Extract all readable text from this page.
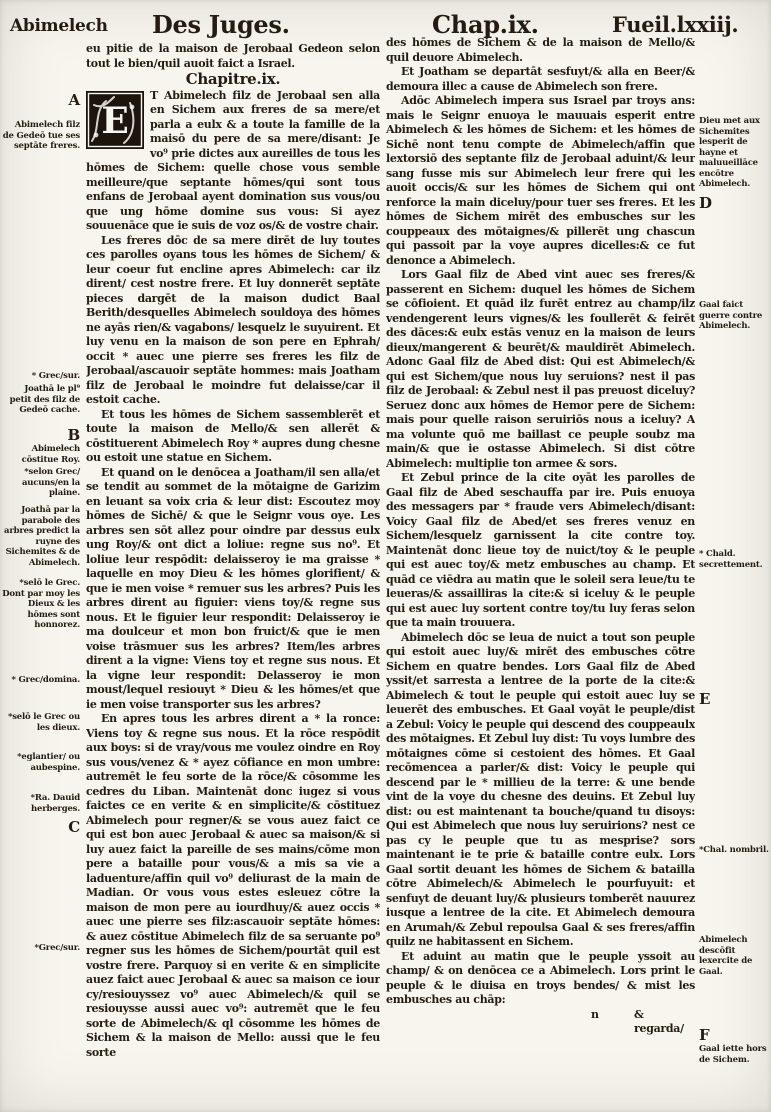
Abimelech Des Juges.	Chap.ix.	Fueil.lxxiij.
A
Abimelech filz de Gedeō tue ses septāte freres.
* Grec/sur.
Joathā le pl⁹ petit des filz de Gedeō cache.
B
Abimelech cōstitue Roy.
*selon Grec/ aucuns/en la plaine.
Joathā par la parabole des arbres predict la ruyne des Sichemites & de Abimelech.
*selō le Grec. Dont par moy les Dieux & les hōmes sont honnorez.
* Grec/domina.
*selō le Grec ou les dieux.
*eglantier/ ou aubespine.
*Ra. Dauid herberges.
C
*Grec/sur.
Dieu met aux Sichemites lesperit de hayne et maluueillāce encōtre Abimelech.
D
Gaal faict guerre contre Abimelech.
* Chald. secrettement.
E
*Chal. nombril.
Abimelech descōfit lexercite de Gaal.
F
Gaal iette hors de Sichem.

eu pitie de la maison de Jerobaal Gedeon selon tout le bien/quil auoit faict a Israel.

Chapitre.ix.
E
T Abimelech filz de Jerobaal sen alla en Sichem aux freres de sa mere/et parla a eulx & a toute la famille de la maisō du pere de sa mere/disant: Je vo⁹ prie dictes aux aureilles de tous les hōmes de Sichem: quelle chose vous semble meilleure/que septante hōmes/qui sont tous enfans de Jerobaal ayent domination sus vous/ou que ung hōme domine sus vous: Si ayez souuenāce que ie suis de voz os/& de vostre chair.

Les freres dōc de sa mere dirēt de luy toutes ces parolles oyans tous les hōmes de Sichem/ & leur coeur fut encline apres Abimelech: car ilz dirent/ cest nostre frere. Et luy donnerēt septāte pieces dargēt de la maison dudict Baal Berith/desquelles Abimelech souldoya des hōmes ne ayās rien/& vagabons/ lesquelz le suyuirent. Et luy venu en la maison de son pere en Ephrah/ occit * auec une pierre ses freres les filz de Jerobaal/ascauoir septāte hommes: mais Joatham filz de Jerobaal le moindre fut delaisse/car il estoit cache.

Et tous les hōmes de Sichem sassemblerēt et toute la maison de Mello/& sen allerēt & cōstituerent Abimelech Roy * aupres dung chesne ou estoit une statue en Sichem.

Et quand on le denōcea a Joatham/il sen alla/et se tendit au sommet de la mōtaigne de Garizim en leuant sa voix cria & leur dist: Escoutez moy hōmes de Sichē/ & que le Seignr vous oye. Les arbres sen sōt allez pour oindre par dessus eulx ung Roy/& ont dict a loliue: regne sus no⁹. Et loliue leur respōdit: delaisseroy ie ma graisse * laquelle en moy Dieu & les hōmes glorifient/ & que ie men voise * remuer sus les arbres? Puis les arbres dirent au figuier: viens toy/& regne sus nous. Et le figuier leur respondit: Delaisseroy ie ma doulceur et mon bon fruict/& que ie men voise trāsmuer sus les arbres? Item/les arbres dirent a la vigne: Viens toy et regne sus nous. Et la vigne leur respondit: Delasseroy ie mon moust/lequel resiouyt * Dieu & les hōmes/et que ie men voise transporter sus les arbres?

En apres tous les arbres dirent a * la ronce: Viens toy & regne sus nous. Et la rōce respōdit aux boys: si de vray/vous me voulez oindre en Roy sus vous/venez & * ayez cōfiance en mon umbre: autremēt le feu sorte de la rōce/& cōsomme les cedres du Liban. Maintenāt donc iugez si vous faictes ce en verite & en simplicite/& cōstituez Abimelech pour regner/& se vous auez faict ce qui est bon auec Jerobaal & auec sa maison/& si luy auez faict la pareille de ses mains/cōme mon pere a bataille pour vous/& a mis sa vie a laduenture/affin quil vo⁹ deliurast de la main de Madian. Or vous vous estes esleuez cōtre la maison de mon pere au iourdhuy/& auez occis * auec une pierre ses filz:ascauoir septāte hōmes: & auez cōstitue Abimelech filz de sa seruante po⁹ regner sus les hōmes de Sichem/pourtāt quil est vostre frere. Parquoy si en verite & en simplicite auez faict auec Jerobaal & auec sa maison ce iour cy/resiouyssez vo⁹ auec Abimelech/& quil se resiouysse aussi auec vo⁹: autremēt que le feu sorte de Abimelech/& ql cōsomme les hōmes de Sichem & la maison de Mello: aussi que le feu sorte

des hōmes de Sichem & de la maison de Mello/& quil deuore Abimelech.

Et Joatham se departāt sesfuyt/& alla en Beer/& demoura illec a cause de Abimelech son frere.

Adōc Abimelech impera sus Israel par troys ans: mais le Seignr enuoya le mauuais esperit entre Abimelech & les hōmes de Sichem: et les hōmes de Sichē nont tenu compte de Abimelech/affin que lextorsiō des septante filz de Jerobaal aduint/& leur sang fusse mis sur Abimelech leur frere qui les auoit occis/& sur les hōmes de Sichem qui ont renforce la main diceluy/pour tuer ses freres. Et les hōmes de Sichem mirēt des embusches sur les couppeaux des mōtaignes/& pillerēt ung chascun qui passoit par la voye aupres dicelles:& ce fut denonce a Abimelech.

Lors Gaal filz de Abed vint auec ses freres/& passerent en Sichem: duquel les hōmes de Sichem se cōfioient. Et quād ilz furēt entrez au champ/ilz vendengerent leurs vignes/& les foullerēt & feirēt des dāces:& eulx estās venuz en la maison de leurs dieux/mangerent & beurēt/& mauldirēt Abimelech. Adonc Gaal filz de Abed dist: Qui est Abimelech/& qui est Sichem/que nous luy seruions? nest il pas filz de Jerobaal: & Zebul nest il pas preuost diceluy? Seruez donc aux hōmes de Hemor pere de Sichem: mais pour quelle raison seruiriōs nous a iceluy? A ma volunte quō me baillast ce peuple soubz ma main/& que ie ostasse Abimelech. Si dist cōtre Abimelech: multiplie ton armee & sors.

Et Zebul prince de la cite oyāt les parolles de Gaal filz de Abed seschauffa par ire. Puis enuoya des messagers par * fraude vers Abimelech/disant: Voicy Gaal filz de Abed/et ses freres venuz en Sichem/lesquelz garnissent la cite contre toy. Maintenāt donc lieue toy de nuict/toy & le peuple qui est auec toy/& metz embusches au champ. Et quād ce viēdra au matin que le soleil sera leue/tu te leueras/& assailliras la cite:& si iceluy & le peuple qui est auec luy sortent contre toy/tu luy feras selon que ta main trouuera.

Abimelech dōc se leua de nuict a tout son peuple qui estoit auec luy/& mirēt des embusches cōtre Sichem en quatre bendes. Lors Gaal filz de Abed yssit/et sarresta a lentree de la porte de la cite:& Abimelech & tout le peuple qui estoit auec luy se leuerēt des embusches. Et Gaal voyāt le peuple/dist a Zebul: Voicy le peuple qui descend des couppeaulx des mōtaignes. Et Zebul luy dist: Tu voys lumbre des mōtaignes cōme si cestoient des hōmes. Et Gaal recōmencea a parler/& dist: Voicy le peuple qui descend par le * millieu de la terre: & une bende vint de la voye du chesne des deuins. Et Zebul luy dist: ou est maintenant ta bouche/quand tu disoys: Qui est Abimelech que nous luy seruirions? nest ce pas cy le peuple que tu as mesprise? sors maintenant ie te prie & bataille contre eulx. Lors Gaal sortit deuant les hōmes de Sichem & batailla cōtre Abimelech/& Abimelech le pourfuyuit: et senfuyt de deuant luy/& plusieurs tomberēt nauurez iusque a lentree de la cite. Et Abimelech demoura en Arumah/& Zebul repoulsa Gaal & ses freres/affin quilz ne habitassent en Sichem.

Et aduint au matin que le peuple yssoit au champ/ & on denōcea ce a Abimelech. Lors print le peuple & le diuisa en troys bendes/ & mist les embusches au chāp:

n	& regarda/
